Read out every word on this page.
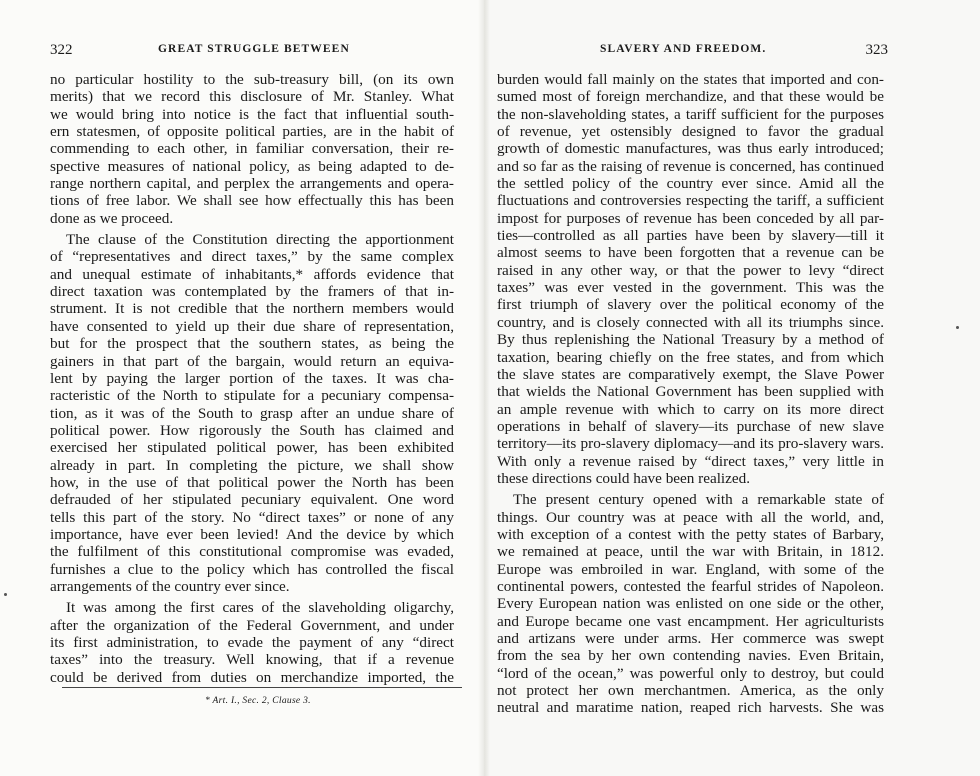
322	GREAT STRUGGLE BETWEEN	SLAVERY AND FREEDOM.	323

no particular hostility to the sub-treasury bill, (on its own

merits) that we record this disclosure of Mr. Stanley. What

we would bring into notice is the fact that influential south-

ern statesmen, of opposite political parties, are in the habit of

commending to each other, in familiar conversation, their re-

spective measures of national policy, as being adapted to de-

range northern capital, and perplex the arrangements and opera-

tions of free labor. We shall see how effectually this has been

done as we proceed.

The clause of the Constitution directing the apportionment

of “representatives and direct taxes,” by the same complex

and unequal estimate of inhabitants,* affords evidence that

direct taxation was contemplated by the framers of that in-

strument. It is not credible that the northern members would

have consented to yield up their due share of representation,

but for the prospect that the southern states, as being the

gainers in that part of the bargain, would return an equiva-

lent by paying the larger portion of the taxes. It was cha-

racteristic of the North to stipulate for a pecuniary compensa-

tion, as it was of the South to grasp after an undue share of

political power. How rigorously the South has claimed and

exercised her stipulated political power, has been exhibited

already in part. In completing the picture, we shall show

how, in the use of that political power the North has been

defrauded of her stipulated pecuniary equivalent. One word

tells this part of the story. No “direct taxes” or none of any

importance, have ever been levied! And the device by which

the fulfilment of this constitutional compromise was evaded,

furnishes a clue to the policy which has controlled the fiscal

arrangements of the country ever since.

It was among the first cares of the slaveholding oligarchy,

after the organization of the Federal Government, and under

its first administration, to evade the payment of any “direct

taxes” into the treasury. Well knowing, that if a revenue

could be derived from duties on merchandize imported, the

burden would fall mainly on the states that imported and con-

sumed most of foreign merchandize, and that these would be

the non-slaveholding states, a tariff sufficient for the purposes

of revenue, yet ostensibly designed to favor the gradual

growth of domestic manufactures, was thus early introduced;

and so far as the raising of revenue is concerned, has continued

the settled policy of the country ever since. Amid all the

fluctuations and controversies respecting the tariff, a sufficient

impost for purposes of revenue has been conceded by all par-

ties—controlled as all parties have been by slavery—till it

almost seems to have been forgotten that a revenue can be

raised in any other way, or that the power to levy “direct

taxes” was ever vested in the government. This was the

first triumph of slavery over the political economy of the

country, and is closely connected with all its triumphs since.

By thus replenishing the National Treasury by a method of

taxation, bearing chiefly on the free states, and from which

the slave states are comparatively exempt, the Slave Power

that wields the National Government has been supplied with

an ample revenue with which to carry on its more direct

operations in behalf of slavery—its purchase of new slave

territory—its pro-slavery diplomacy—and its pro-slavery wars.

With only a revenue raised by “direct taxes,” very little in

these directions could have been realized.

The present century opened with a remarkable state of

things. Our country was at peace with all the world, and,

with exception of a contest with the petty states of Barbary,

we remained at peace, until the war with Britain, in 1812.

Europe was embroiled in war. England, with some of the

continental powers, contested the fearful strides of Napoleon.

Every European nation was enlisted on one side or the other,

and Europe became one vast encampment. Her agriculturists

and artizans were under arms. Her commerce was swept

from the sea by her own contending navies. Even Britain,

“lord of the ocean,” was powerful only to destroy, but could

not protect her own merchantmen. America, as the only

neutral and maratime nation, reaped rich harvests. She was

* Art. I., Sec. 2, Clause 3.
